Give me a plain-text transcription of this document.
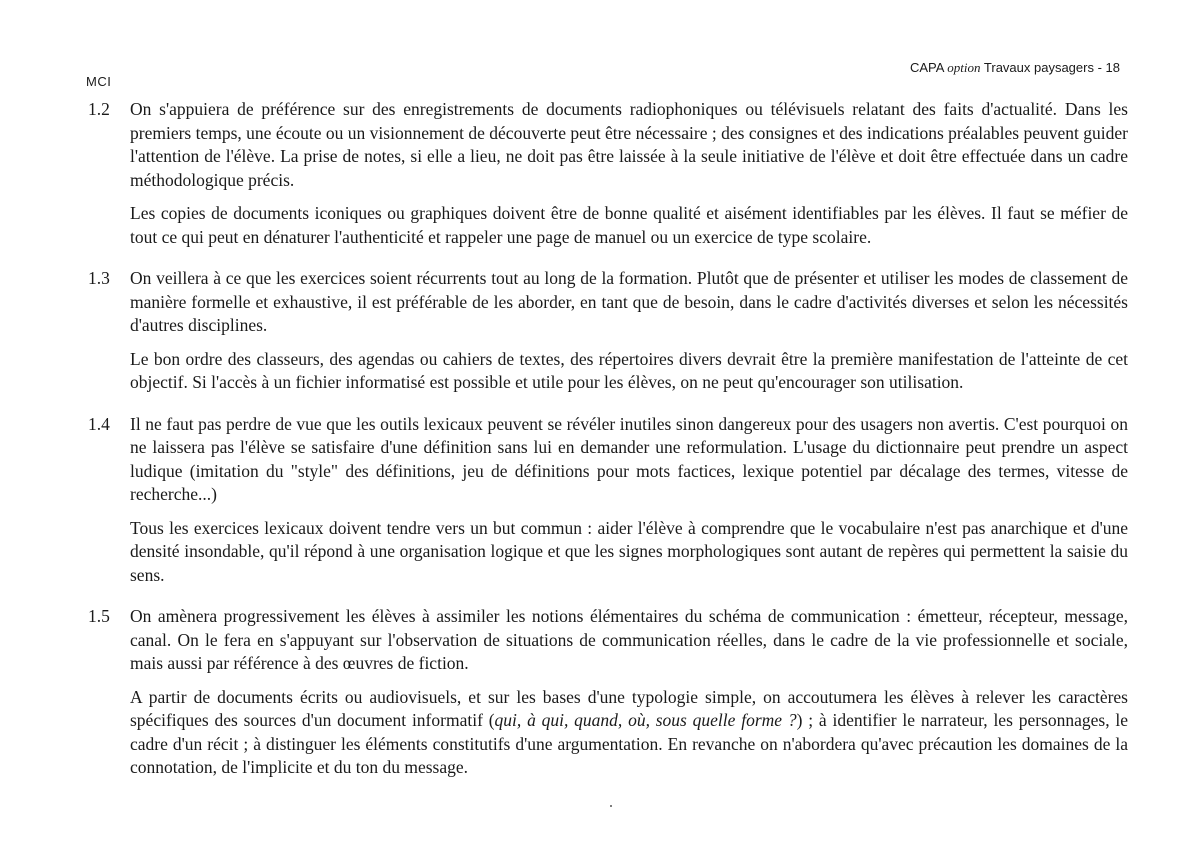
MCI
CAPA option Travaux paysagers - 18
1.2	On s'appuiera de préférence sur des enregistrements de documents radiophoniques ou télévisuels relatant des faits d'actualité. Dans les premiers temps, une écoute ou un visionnement de découverte peut être nécessaire ; des consignes et des indications préalables peuvent guider l'attention de l'élève. La prise de notes, si elle a lieu, ne doit pas être laissée à la seule initiative de l'élève et doit être effectuée dans un cadre méthodologique précis.

Les copies de documents iconiques ou graphiques doivent être de bonne qualité et aisément identifiables par les élèves. Il faut se méfier de tout ce qui peut en dénaturer l'authenticité et rappeler une page de manuel ou un exercice de type scolaire.

1.3	On veillera à ce que les exercices soient récurrents tout au long de la formation. Plutôt que de présenter et utiliser les modes de classement de manière formelle et exhaustive, il est préférable de les aborder, en tant que de besoin, dans le cadre d'activités diverses et selon les nécessités d'autres disciplines.

Le bon ordre des classeurs, des agendas ou cahiers de textes, des répertoires divers devrait être la première manifestation de l'atteinte de cet objectif. Si l'accès à un fichier informatisé est possible et utile pour les élèves, on ne peut qu'encourager son utilisation.

1.4	Il ne faut pas perdre de vue que les outils lexicaux peuvent se révéler inutiles sinon dangereux pour des usagers non avertis. C'est pourquoi on ne laissera pas l'élève se satisfaire d'une définition sans lui en demander une reformulation. L'usage du dictionnaire peut prendre un aspect ludique (imitation du "style" des définitions, jeu de définitions pour mots factices, lexique potentiel par décalage des termes, vitesse de recherche...)

Tous les exercices lexicaux doivent tendre vers un but commun : aider l'élève à comprendre que le vocabulaire n'est pas anarchique et d'une densité insondable, qu'il répond à une organisation logique et que les signes morphologiques sont autant de repères qui permettent la saisie du sens.

1.5	On amènera progressivement les élèves à assimiler les notions élémentaires du schéma de communication : émetteur, récepteur, message, canal. On le fera en s'appuyant sur l'observation de situations de communication réelles, dans le cadre de la vie professionnelle et sociale, mais aussi par référence à des œuvres de fiction.

A partir de documents écrits ou audiovisuels, et sur les bases d'une typologie simple, on accoutumera les élèves à relever les caractères spécifiques des sources d'un document informatif (qui, à qui, quand, où, sous quelle forme ?) ; à identifier le narrateur, les personnages, le cadre d'un récit ; à distinguer les éléments constitutifs d'une argumentation. En revanche on n'abordera qu'avec précaution les domaines de la connotation, de l'implicite et du ton du message.
